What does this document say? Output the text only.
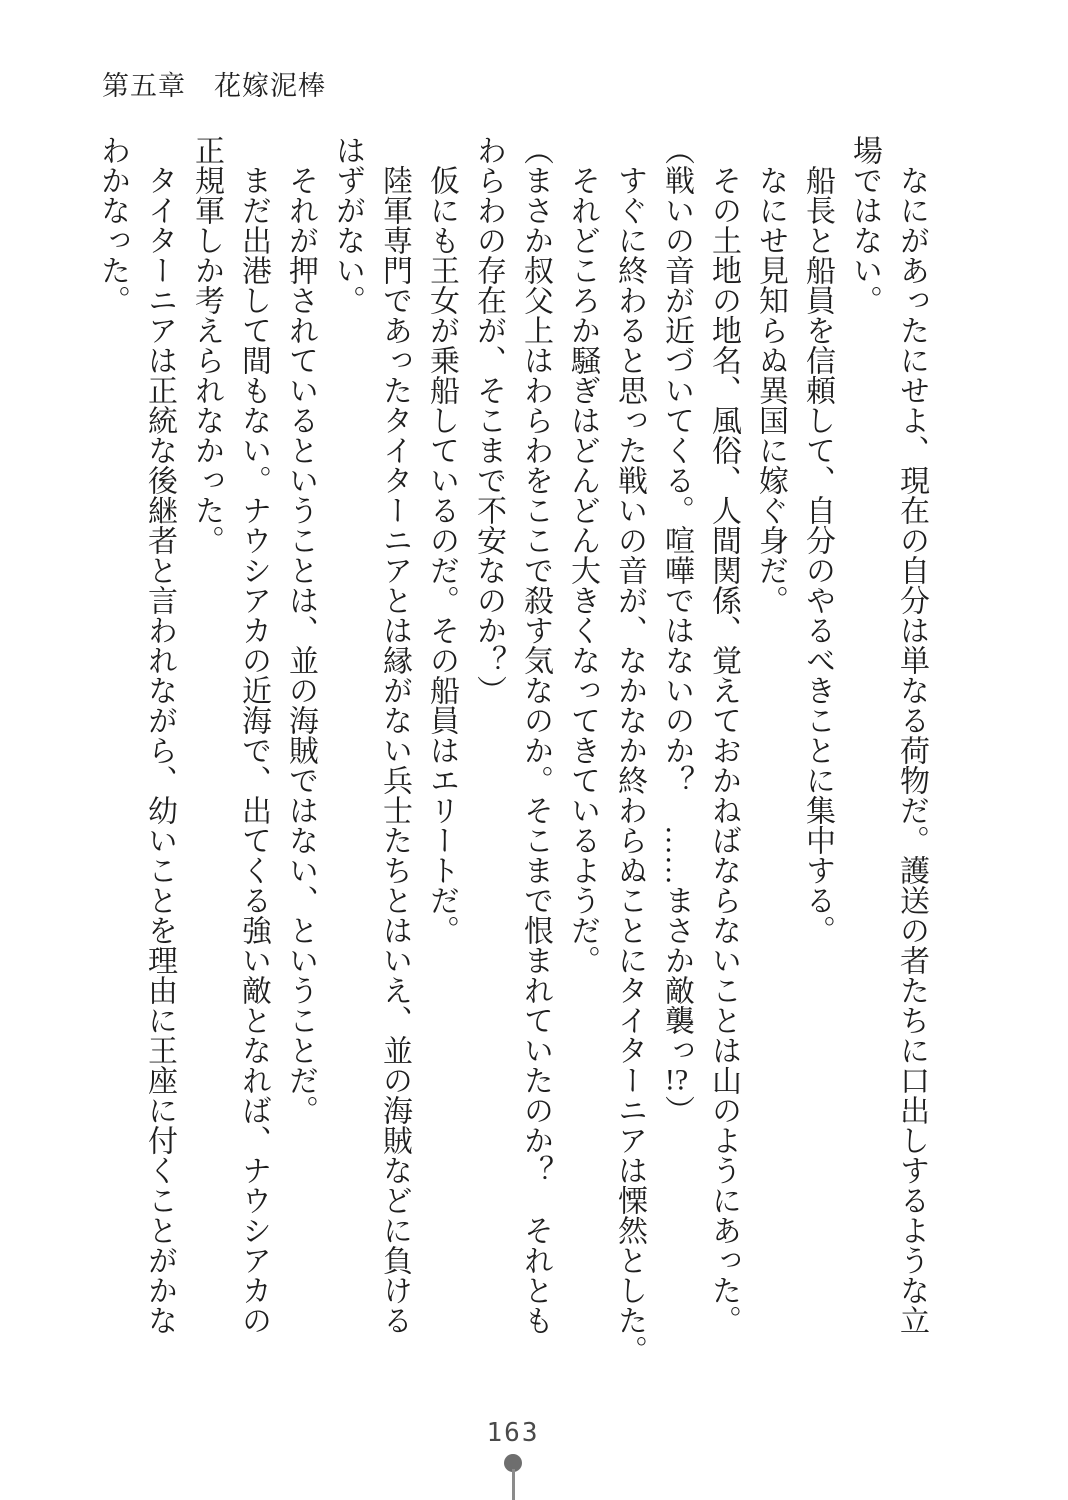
第五章　花嫁泥棒

なにがあったにせよ、現在の自分は単なる荷物だ。護送の者たちに口出しするような立

場ではない。

船長と船員を信頼して、自分のやるべきことに集中する。

なにせ見知らぬ異国に嫁ぐ身だ。

その土地の地名、風俗、人間関係、覚えておかねばならないことは山のようにあった。

（戦いの音が近づいてくる。喧嘩ではないのか？　……まさか敵襲っ!?）

すぐに終わると思った戦いの音が、なかなか終わらぬことにタイターニアは慄然とした。

それどころか騒ぎはどんどん大きくなってきているようだ。

（まさか叔父上はわらわをここで殺す気なのか。そこまで恨まれていたのか？　それとも

わらわの存在が、そこまで不安なのか？）

仮にも王女が乗船しているのだ。その船員はエリートだ。

陸軍専門であったタイターニアとは縁がない兵士たちとはいえ、並の海賊などに負ける

はずがない。

それが押されているということは、並の海賊ではない、ということだ。

まだ出港して間もない。ナウシアカの近海で、出てくる強い敵となれば、ナウシアカの

正規軍しか考えられなかった。

タイターニアは正統な後継者と言われながら、幼いことを理由に王座に付くことがかな

わかなった。

163
